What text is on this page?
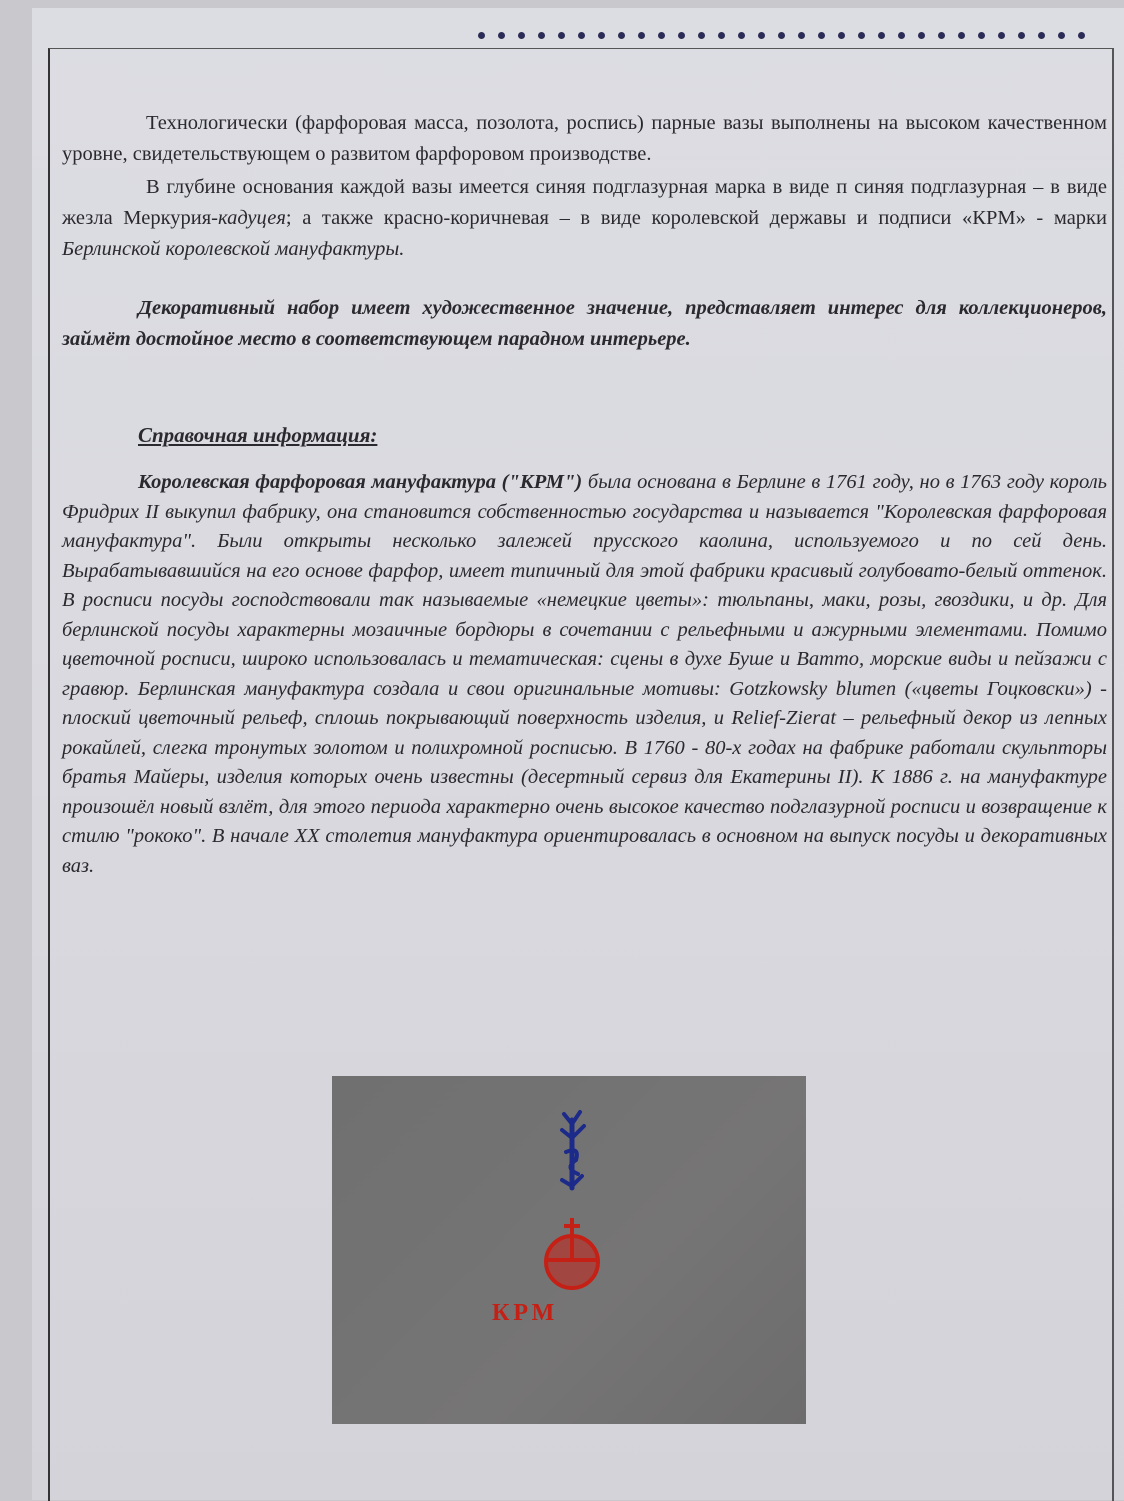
Технологически (фарфоровая масса, позолота, роспись) парные вазы выполнены на высоком качественном уровне, свидетельствующем о развитом фарфоровом производстве.

В глубине основания каждой вазы имеется синяя подглазурная марка в виде п синяя подглазурная – в виде жезла Меркурия-кадуцея; а также красно-коричневая – в виде королевской державы и подписи «КРМ» - марки Берлинской королевской мануфактуры.

Декоративный набор имеет художественное значение, представляет интерес для коллекционеров, займёт достойное место в соответствующем парадном интерьере.

Справочная информация:

Королевская фарфоровая мануфактура ("КРМ") была основана в Берлине в 1761 году, но в 1763 году король Фридрих II выкупил фабрику, она становится собственностью государства и называется "Королевская фарфоровая мануфактура". Были открыты несколько залежей прусского каолина, используемого и по сей день. Вырабатывавшийся на его основе фарфор, имеет типичный для этой фабрики красивый голубовато-белый оттенок. В росписи посуды господствовали так называемые «немецкие цветы»: тюльпаны, маки, розы, гвоздики, и др. Для берлинской посуды характерны мозаичные бордюры в сочетании с рельефными и ажурными элементами. Помимо цветочной росписи, широко использовалась и тематическая: сцены в духе Буше и Ватто, морские виды и пейзажи с гравюр. Берлинская мануфактура создала и свои оригинальные мотивы: Gotzkowsky blumen («цветы Гоцковски») - плоский цветочный рельеф, сплошь покрывающий поверхность изделия, и Relief-Zierat – рельефный декор из лепных рокайлей, слегка тронутых золотом и полихромной росписью. В 1760 - 80-х годах на фабрике работали скульпторы братья Майеры, изделия которых очень известны (десертный сервиз для Екатерины II). К 1886 г. на мануфактуре произошёл новый взлёт, для этого периода характерно очень высокое качество подглазурной росписи и возвращение к стилю "рококо". В начале XX столетия мануфактура ориентировалась в основном на выпуск посуды и декоративных ваз.

КРМ
